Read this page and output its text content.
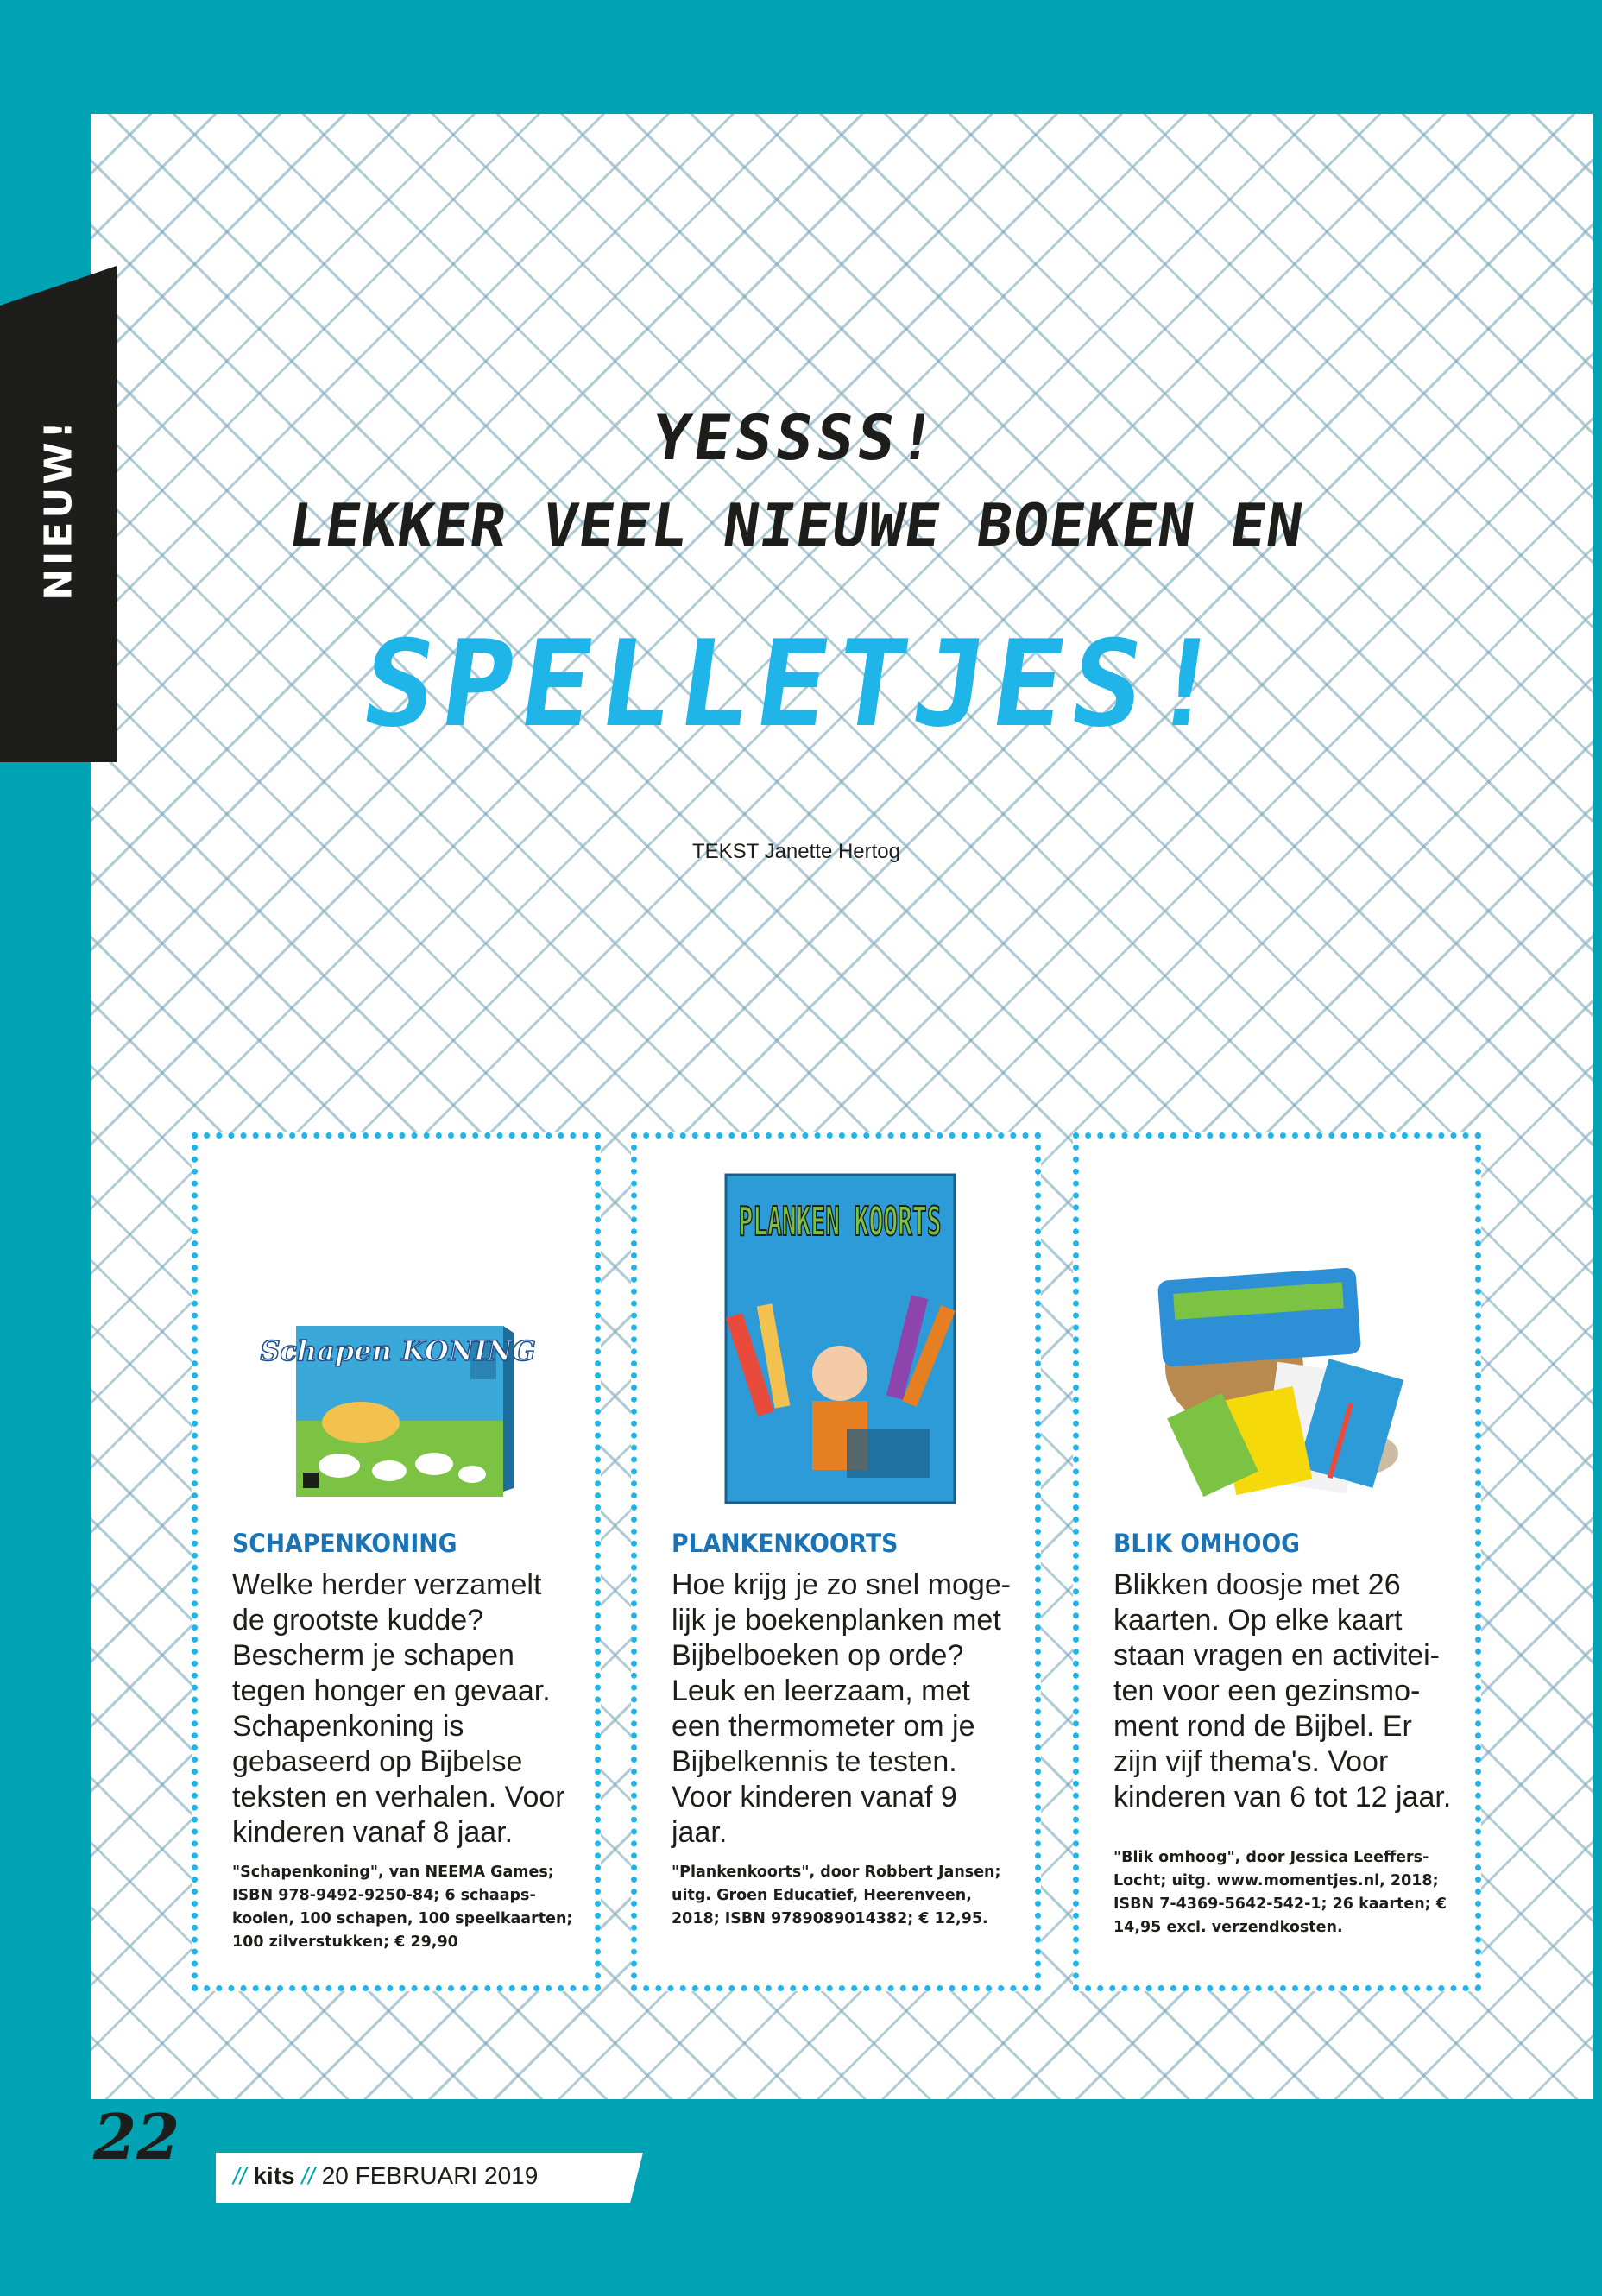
NIEUW!	YESSSS!
LEKKER VEEL NIEUWE BOEKEN EN
SPELLETJES!
TEKST Janette Hertog
Schapen KONING
SCHAPENKONING
Welke herder verzamelt de grootste kudde? Bescherm je schapen tegen honger en gevaar. Schapenkoning is gebaseerd op Bijbelse teksten en verhalen. Voor kinderen vanaf 8 jaar.
"Schapenkoning", van NEEMA Games; ISBN 978-9492-9250-84; 6 schaaps-kooien, 100 schapen, 100 speelkaarten; 100 zilverstukken; € 29,90
PLANKEN KOORTS
PLANKENKOORTS
Hoe krijg je zo snel moge-lijk je boekenplanken met Bijbelboeken op orde? Leuk en leerzaam, met een thermometer om je Bijbelkennis te testen. Voor kinderen vanaf 9 jaar.
"Plankenkoorts", door Robbert Jansen; uitg. Groen Educatief, Heerenveen, 2018; ISBN 9789089014382; € 12,95.
BLIK OMHOOG
Blikken doosje met 26 kaarten. Op elke kaart staan vragen en activitei-ten voor een gezinsmo-ment rond de Bijbel. Er zijn vijf thema's. Voor kinderen van 6 tot 12 jaar.
"Blik omhoog", door Jessica Leeffers-Locht; uitg. www.momentjes.nl, 2018; ISBN 7-4369-5642-542-1; 26 kaarten; € 14,95 excl. verzendkosten.
22
// kits // 20 FEBRUARI 2019
